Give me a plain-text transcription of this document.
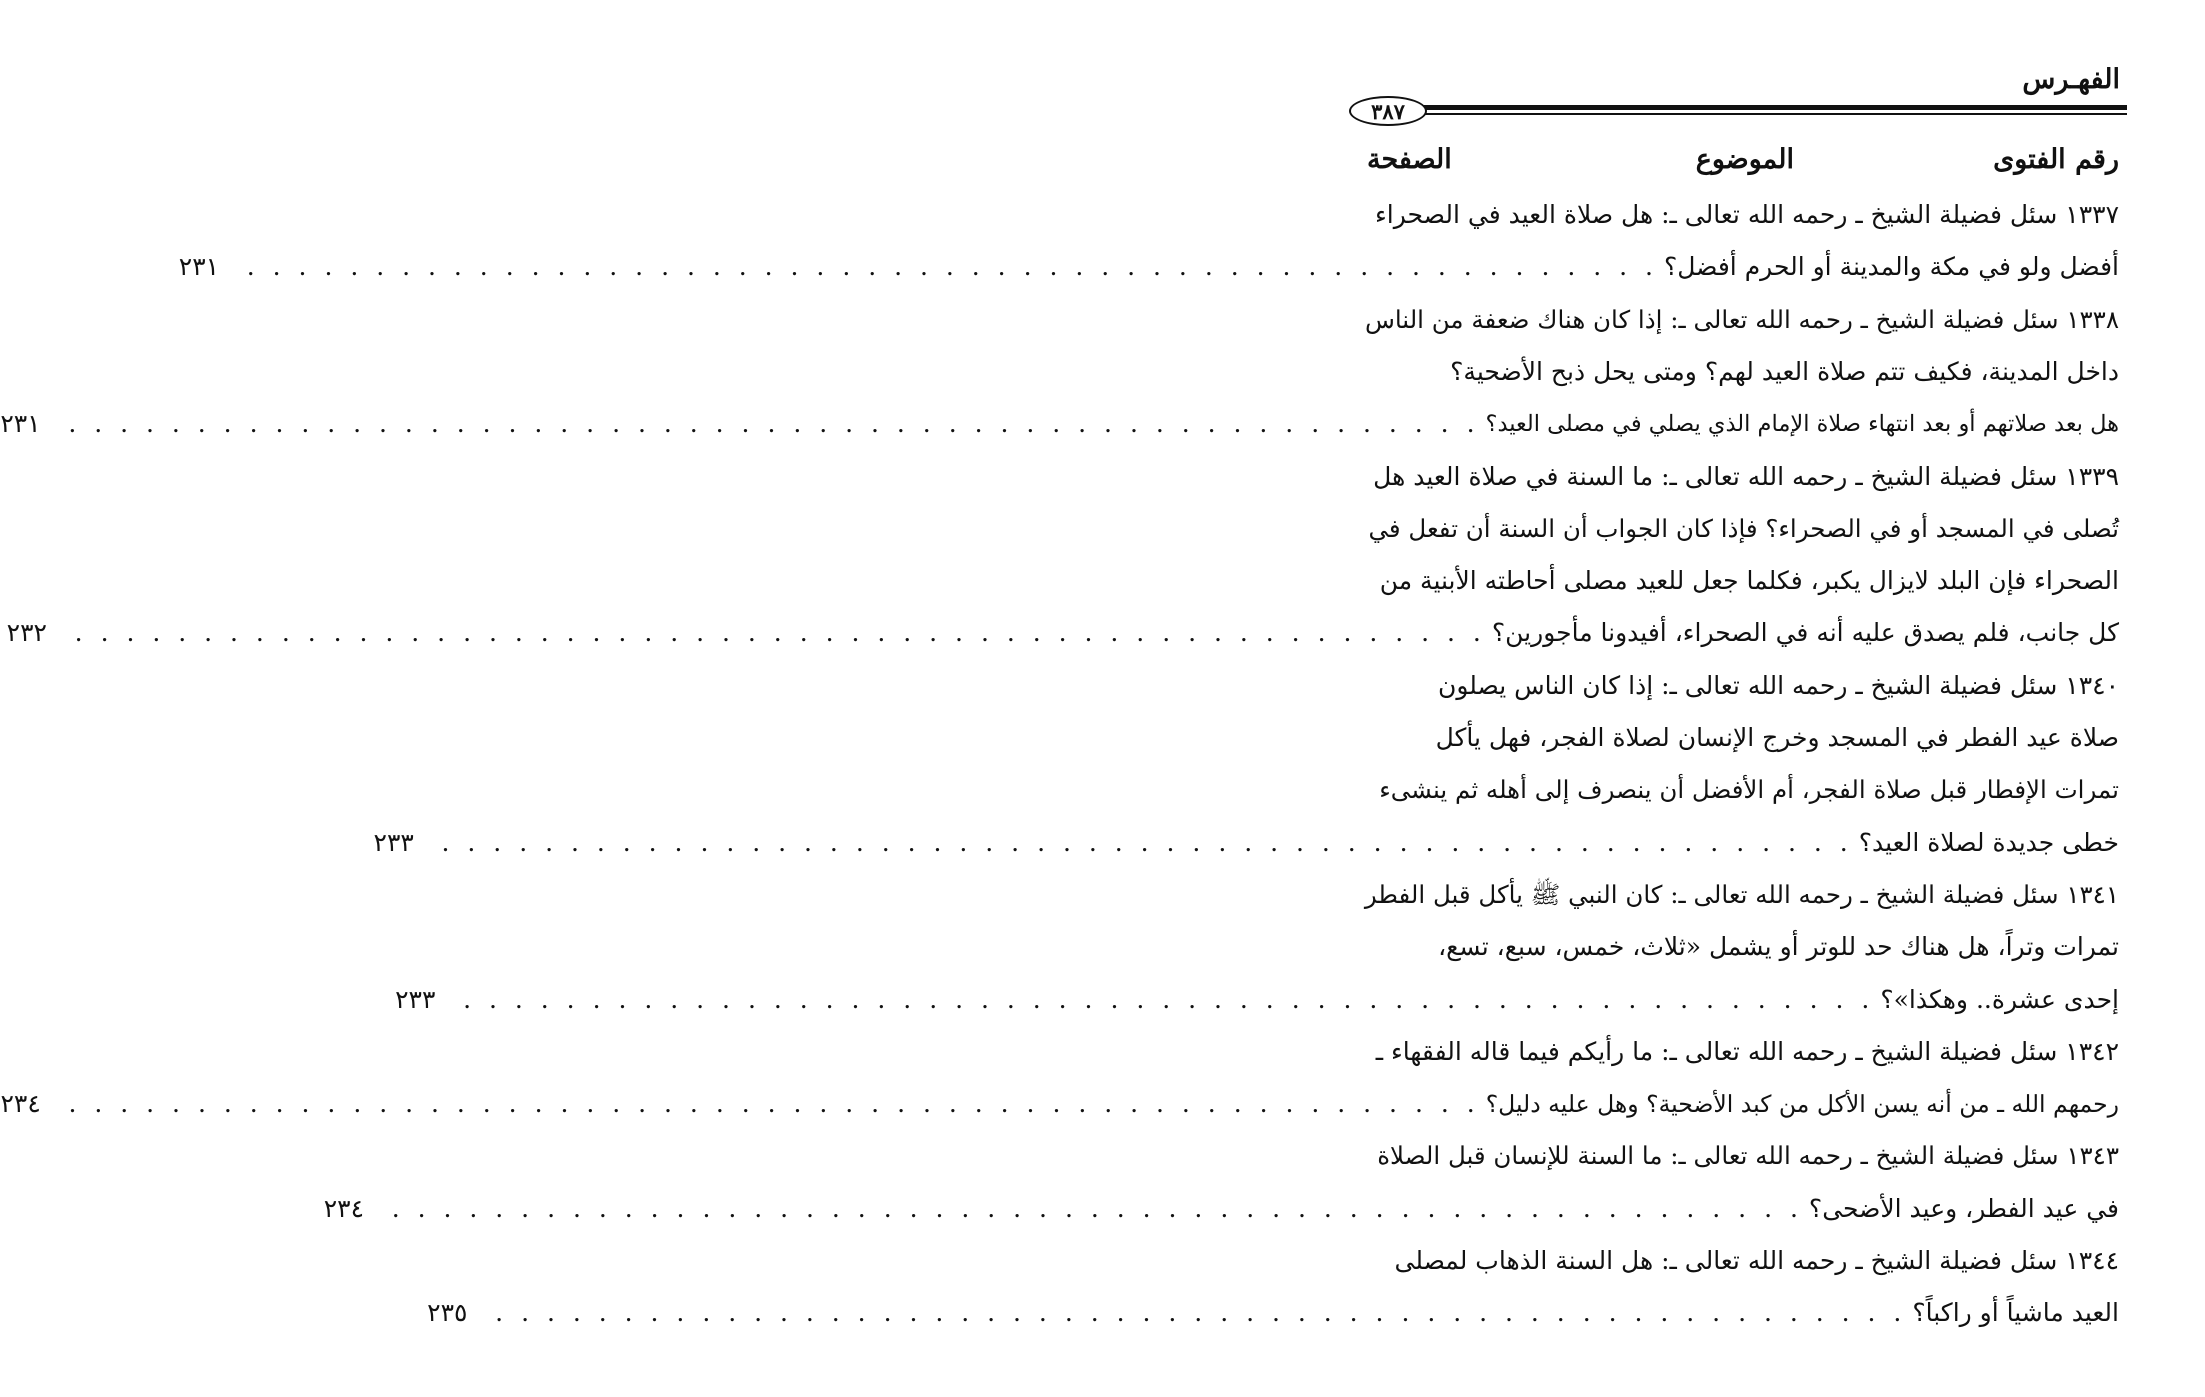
الفهـرس
٣٨٧
رقم الفتوى
الموضوع
الصفحة
١٣٣٧ سئل فضيلة الشيخ ـ رحمه الله تعالى ـ: هل صلاة العيد في الصحراء
أفضل ولو في مكة والمدينة أو الحرم أفضل؟
. . . . . . . . . . . . . . . . . . . . . . . . . . . . . . . . . . . . . . . . . . . . . . . . . . . . . . .
٢٣١
١٣٣٨ سئل فضيلة الشيخ ـ رحمه الله تعالى ـ: إذا كان هناك ضعفة من الناس
داخل المدينة، فكيف تتم صلاة العيد لهم؟ ومتى يحل ذبح الأضحية؟
هل بعد صلاتهم أو بعد انتهاء صلاة الإمام الذي يصلي في مصلى العيد؟
. . . . . . . . . . . . . . . . . . . . . . . . . . . . . . . . . . . . . . . . . . . . . . . . . . . . . . .
٢٣١
١٣٣٩ سئل فضيلة الشيخ ـ رحمه الله تعالى ـ: ما السنة في صلاة العيد هل
تُصلى في المسجد أو في الصحراء؟ فإذا كان الجواب أن السنة أن تفعل في
الصحراء فإن البلد لايزال يكبر، فكلما جعل للعيد مصلى أحاطته الأبنية من
كل جانب، فلم يصدق عليه أنه في الصحراء، أفيدونا مأجورين؟
. . . . . . . . . . . . . . . . . . . . . . . . . . . . . . . . . . . . . . . . . . . . . . . . . . . . . . .
٢٣٢
١٣٤٠ سئل فضيلة الشيخ ـ رحمه الله تعالى ـ: إذا كان الناس يصلون
صلاة عيد الفطر في المسجد وخرج الإنسان لصلاة الفجر، فهل يأكل
تمرات الإفطار قبل صلاة الفجر، أم الأفضل أن ينصرف إلى أهله ثم ينشىء
خطى جديدة لصلاة العيد؟
. . . . . . . . . . . . . . . . . . . . . . . . . . . . . . . . . . . . . . . . . . . . . . . . . . . . . . .
٢٣٣
١٣٤١ سئل فضيلة الشيخ ـ رحمه الله تعالى ـ: كان النبي ﷺ يأكل قبل الفطر
تمرات وتراً، هل هناك حد للوتر أو يشمل «ثلاث، خمس، سبع، تسع،
إحدى عشرة.. وهكذا»؟
. . . . . . . . . . . . . . . . . . . . . . . . . . . . . . . . . . . . . . . . . . . . . . . . . . . . . . .
٢٣٣
١٣٤٢ سئل فضيلة الشيخ ـ رحمه الله تعالى ـ: ما رأيكم فيما قاله الفقهاء ـ
رحمهم الله ـ من أنه يسن الأكل من كبد الأضحية؟ وهل عليه دليل؟
. . . . . . . . . . . . . . . . . . . . . . . . . . . . . . . . . . . . . . . . . . . . . . . . . . . . . . .
٢٣٤
١٣٤٣ سئل فضيلة الشيخ ـ رحمه الله تعالى ـ: ما السنة للإنسان قبل الصلاة
في عيد الفطر، وعيد الأضحى؟
. . . . . . . . . . . . . . . . . . . . . . . . . . . . . . . . . . . . . . . . . . . . . . . . . . . . . . .
٢٣٤
١٣٤٤ سئل فضيلة الشيخ ـ رحمه الله تعالى ـ: هل السنة الذهاب لمصلى
العيد ماشياً أو راكباً؟
. . . . . . . . . . . . . . . . . . . . . . . . . . . . . . . . . . . . . . . . . . . . . . . . . . . . . . .
٢٣٥
